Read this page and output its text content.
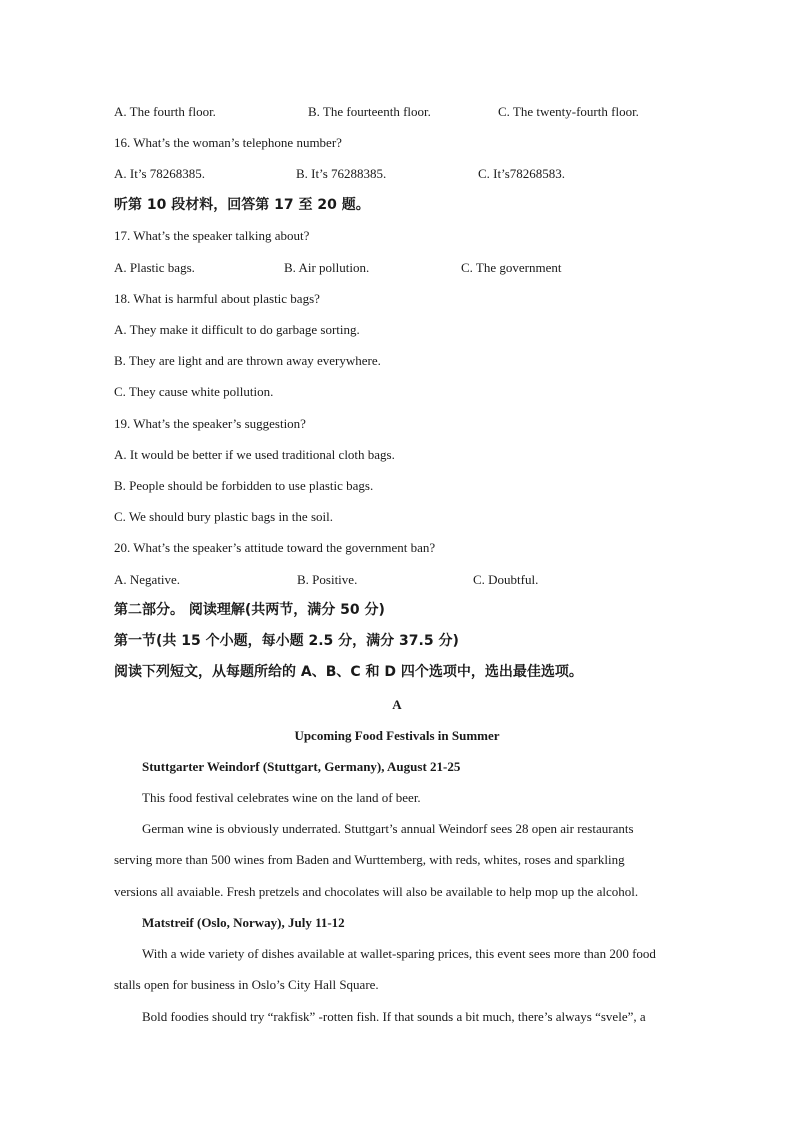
A. The fourth floor.	B. The fourteenth floor.	C. The twenty-fourth floor.
16. What’s the woman’s telephone number?
A. It’s 78268385.	B. It’s 76288385.	C. It’s78268583.
听第 10 段材料，回答第 17 至 20 题。
17. What’s the speaker talking about?
A. Plastic bags.	B. Air pollution.	C. The government
18. What is harmful about plastic bags?
A. They make it difficult to do garbage sorting.
B. They are light and are thrown away everywhere.
C. They cause white pollution.
19. What’s the speaker’s suggestion?
A. It would be better if we used traditional cloth bags.
B. People should be forbidden to use plastic bags.
C. We should bury plastic bags in the soil.
20. What’s the speaker’s attitude toward the government ban?
A. Negative.	B. Positive.	C. Doubtful.
第二部分。 阅读理解(共两节，满分 50 分)
第一节(共 15 个小题，每小题 2.5 分，满分 37.5 分)
阅读下列短文，从每题所给的 A、B、C 和 D 四个选项中，选出最佳选项。
A
Upcoming Food Festivals in Summer
Stuttgarter Weindorf (Stuttgart, Germany), August 21-25
This food festival celebrates wine on the land of beer.
German wine is obviously underrated. Stuttgart’s annual Weindorf sees 28 open air restaurants
serving more than 500 wines from Baden and Wurttemberg, with reds, whites, roses and sparkling
versions all avaiable. Fresh pretzels and chocolates will also be available to help mop up the alcohol.
Matstreif (Oslo, Norway), July 11-12
With a wide variety of dishes available at wallet-sparing prices, this event sees more than 200 food
stalls open for business in Oslo’s City Hall Square.
Bold foodies should try “rakfisk” -rotten fish. If that sounds a bit much, there’s always “svele”, a
